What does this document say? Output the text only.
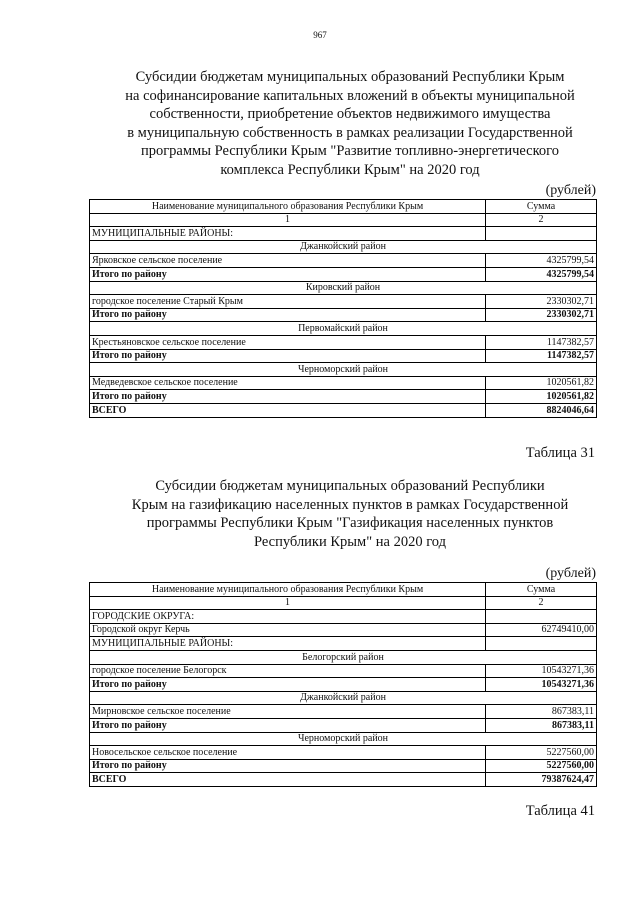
967
Субсидии бюджетам муниципальных образований Республики Крым
на софинансирование капитальных вложений в объекты муниципальной
собственности, приобретение объектов недвижимого имущества
в муниципальную собственность в рамках реализации Государственной
программы Республики Крым "Развитие топливно-энергетического
комплекса Республики Крым" на 2020 год
(рублей)
Наименование муниципального образования Республики Крым	Сумма
1	2
МУНИЦИПАЛЬНЫЕ РАЙОНЫ:	
Джанкойский район	
Ярковское сельское поселение	4325799,54
Итого по району	4325799,54
Кировский район	
городское поселение Старый Крым	2330302,71
Итого по району	2330302,71
Первомайский район	
Крестьяновское сельское поселение	1147382,57
Итого по району	1147382,57
Черноморский район	
Медведевское сельское поселение	1020561,82
Итого по району	1020561,82
ВСЕГО	8824046,64
Таблица 31
Субсидии бюджетам муниципальных образований Республики
Крым на газификацию населенных пунктов в рамках Государственной
программы Республики Крым "Газификация населенных пунктов
Республики Крым" на 2020 год
(рублей)
Наименование муниципального образования Республики Крым	Сумма
1	2
ГОРОДСКИЕ ОКРУГА:	
Городской округ Керчь	62749410,00
МУНИЦИПАЛЬНЫЕ РАЙОНЫ:	
Белогорский район	
городское поселение Белогорск	10543271,36
Итого по району	10543271,36
Джанкойский район	
Мирновское сельское поселение	867383,11
Итого по району	867383,11
Черноморский район	
Новосельское сельское поселение	5227560,00
Итого по району	5227560,00
ВСЕГО	79387624,47
Таблица 41
